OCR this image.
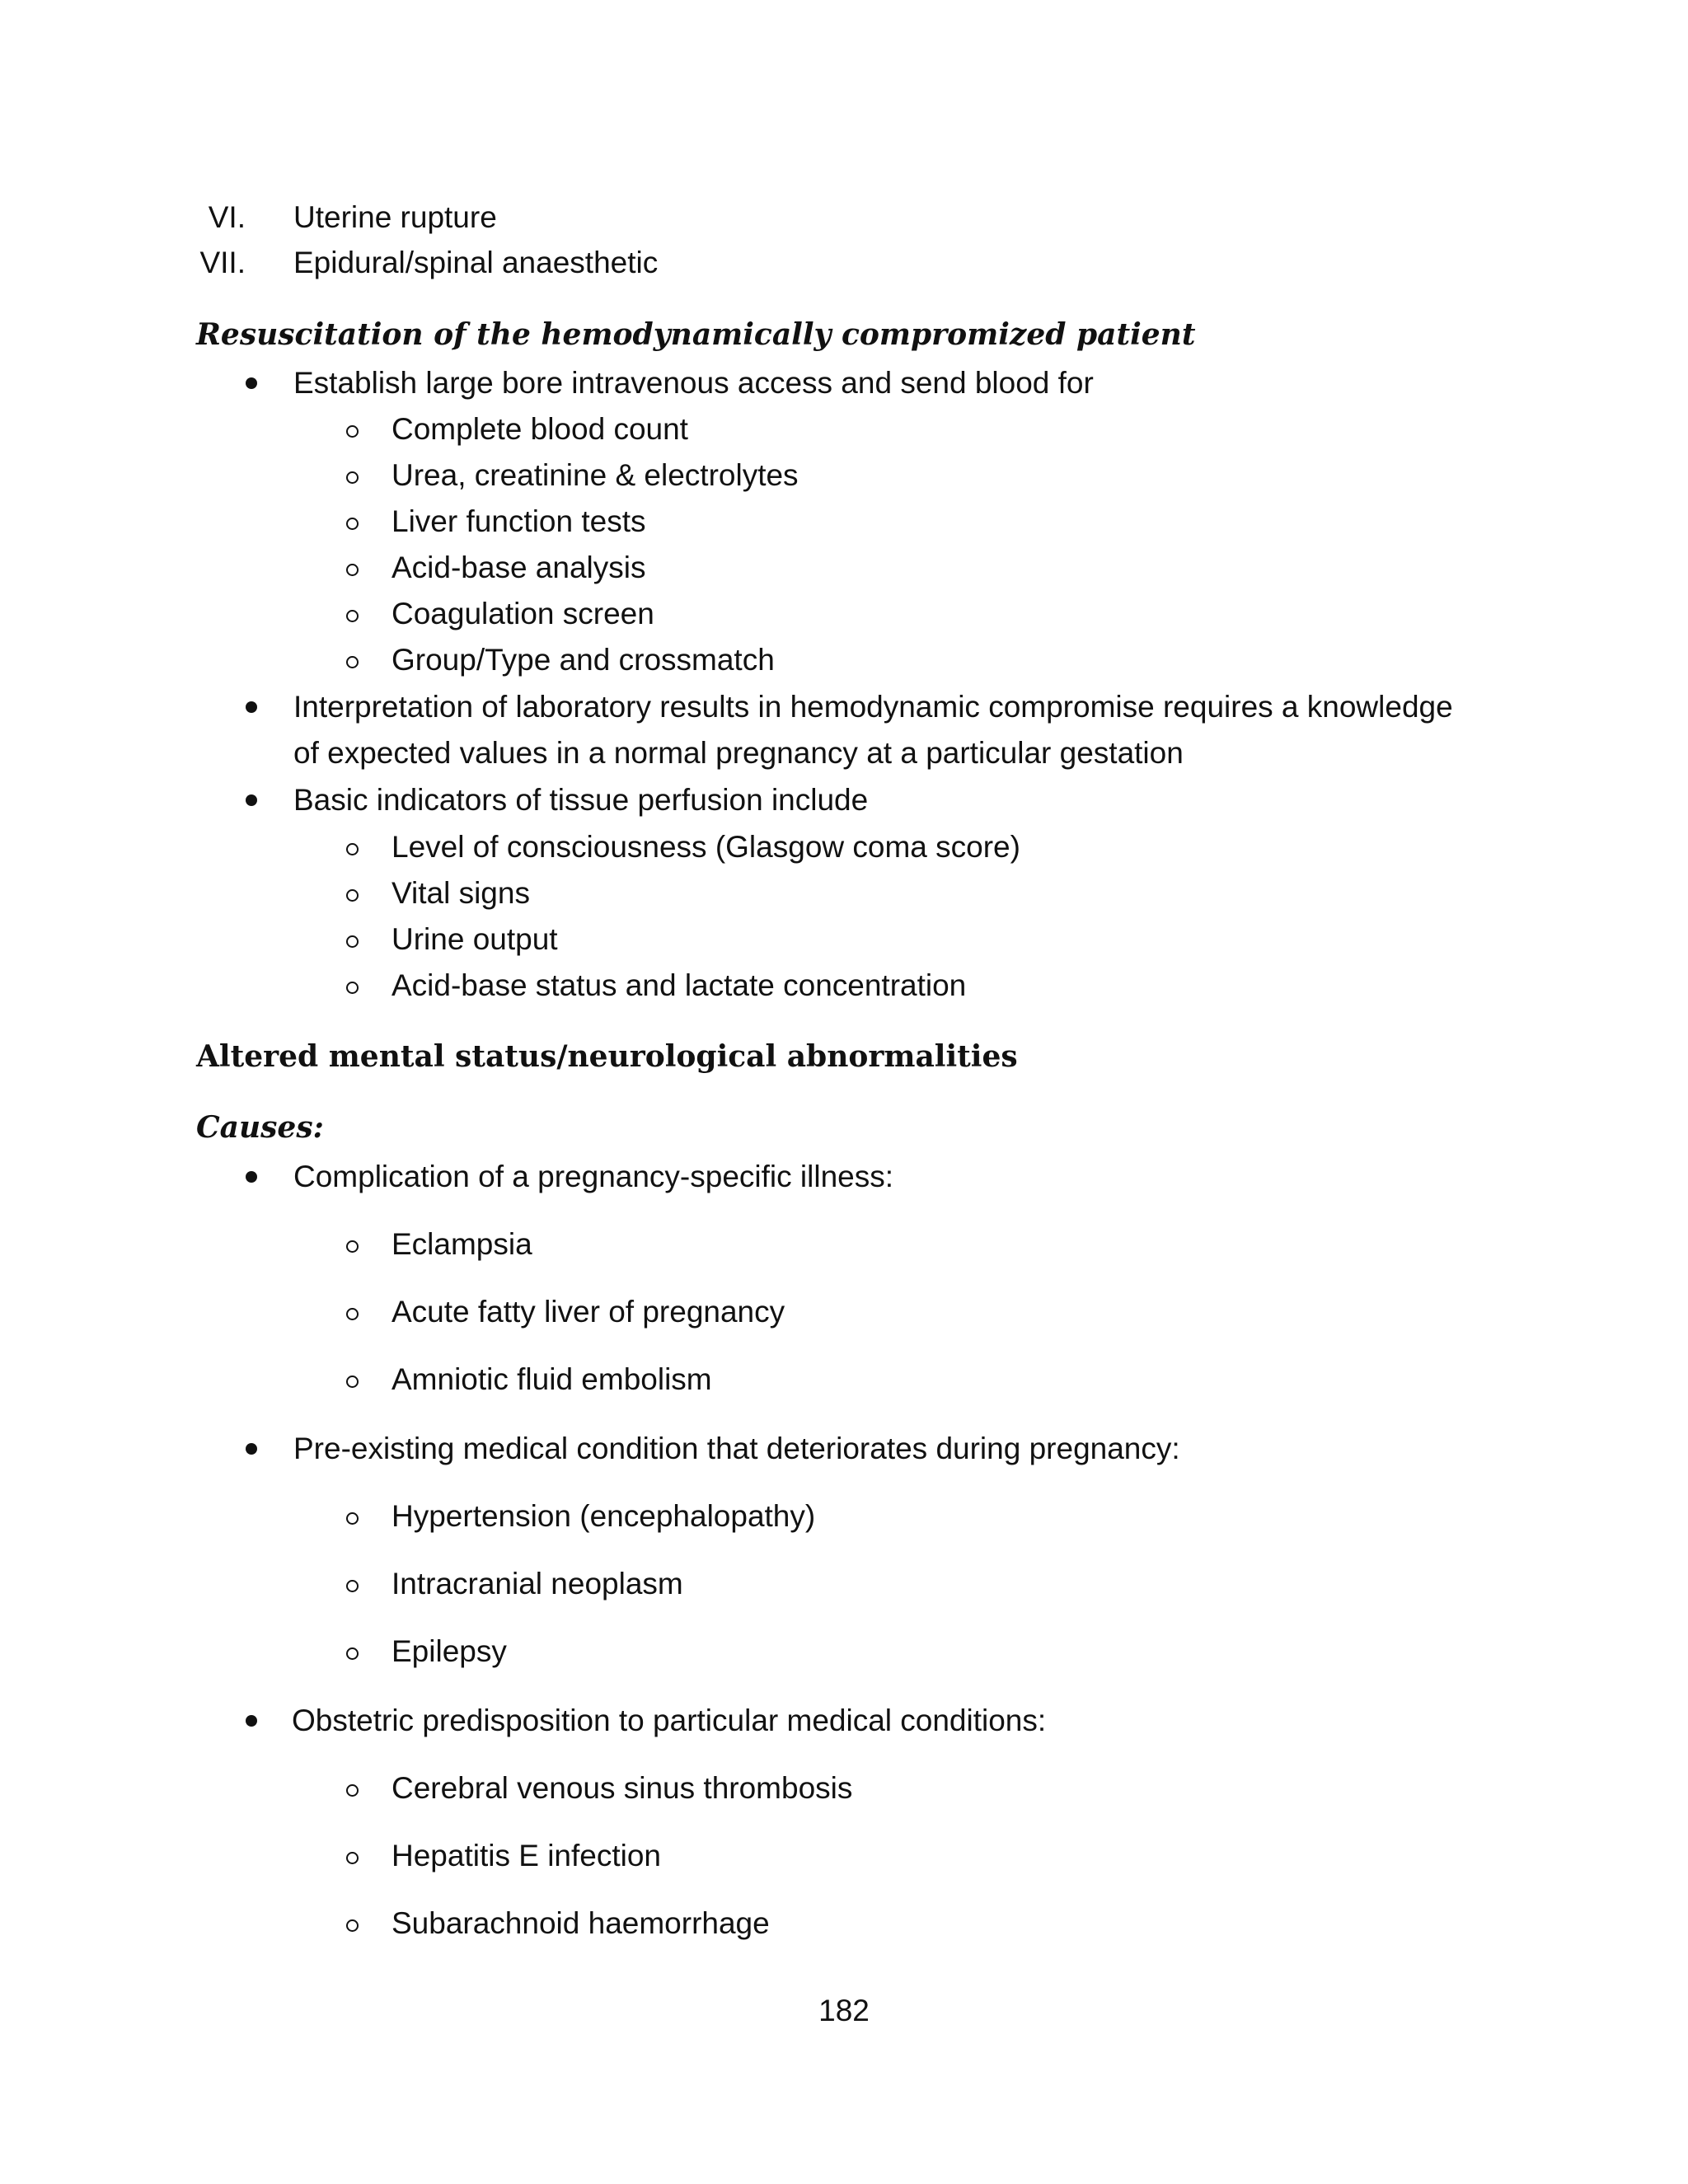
VI. Uterine rupture
VII. Epidural/spinal anaesthetic
Resuscitation of the hemodynamically compromized patient
Establish large bore intravenous access and send blood for
Complete blood count
Urea, creatinine & electrolytes
Liver function tests
Acid-base analysis
Coagulation screen
Group/Type and crossmatch
Interpretation of laboratory results in hemodynamic compromise requires a knowledge
of expected values in a normal pregnancy at a particular gestation
Basic indicators of tissue perfusion include
Level of consciousness (Glasgow coma score)
Vital signs
Urine output
Acid-base status and lactate concentration
Altered mental status/neurological abnormalities
Causes:
Complication of a pregnancy-specific illness:
Eclampsia
Acute fatty liver of pregnancy
Amniotic fluid embolism
Pre-existing medical condition that deteriorates during pregnancy:
Hypertension (encephalopathy)
Intracranial neoplasm
Epilepsy
Obstetric predisposition to particular medical conditions:
Cerebral venous sinus thrombosis
Hepatitis E infection
Subarachnoid haemorrhage
182
